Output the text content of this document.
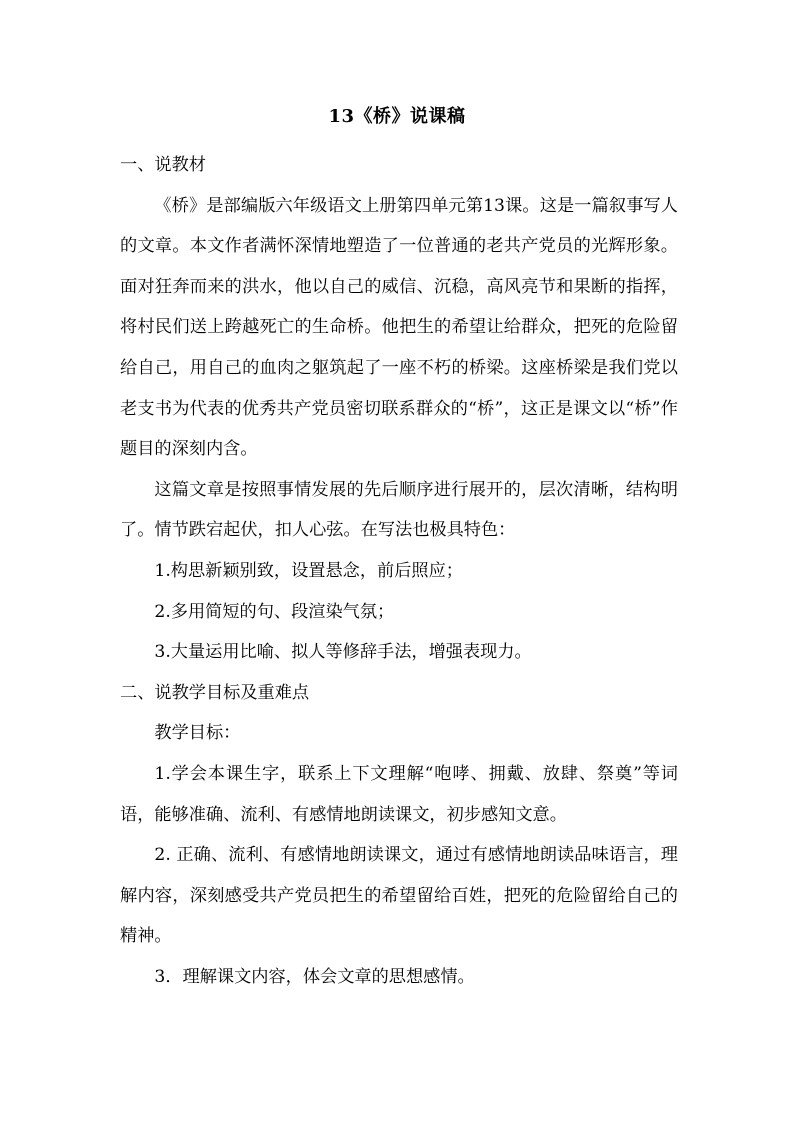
13《桥》说课稿

一、说教材

《桥》是部编版六年级语文上册第四单元第13课。这是一篇叙事写人的文章。本文作者满怀深情地塑造了一位普通的老共产党员的光辉形象。面对狂奔而来的洪水，他以自己的威信、沉稳，高风亮节和果断的指挥，将村民们送上跨越死亡的生命桥。他把生的希望让给群众，把死的危险留给自己，用自己的血肉之躯筑起了一座不朽的桥梁。这座桥梁是我们党以老支书为代表的优秀共产党员密切联系群众的“桥”，这正是课文以“桥”作题目的深刻内含。

这篇文章是按照事情发展的先后顺序进行展开的，层次清晰，结构明了。情节跌宕起伏，扣人心弦。在写法也极具特色：

1.构思新颖别致，设置悬念，前后照应；

2.多用简短的句、段渲染气氛；

3.大量运用比喻、拟人等修辞手法，增强表现力。

二、说教学目标及重难点

教学目标：

1.学会本课生字，联系上下文理解“咆哮、拥戴、放肆、祭奠”等词语，能够准确、流利、有感情地朗读课文，初步感知文意。

2. 正确、流利、有感情地朗读课文，通过有感情地朗读品味语言，理解内容，深刻感受共产党员把生的希望留给百姓，把死的危险留给自己的精神。

3．理解课文内容，体会文章的思想感情。
